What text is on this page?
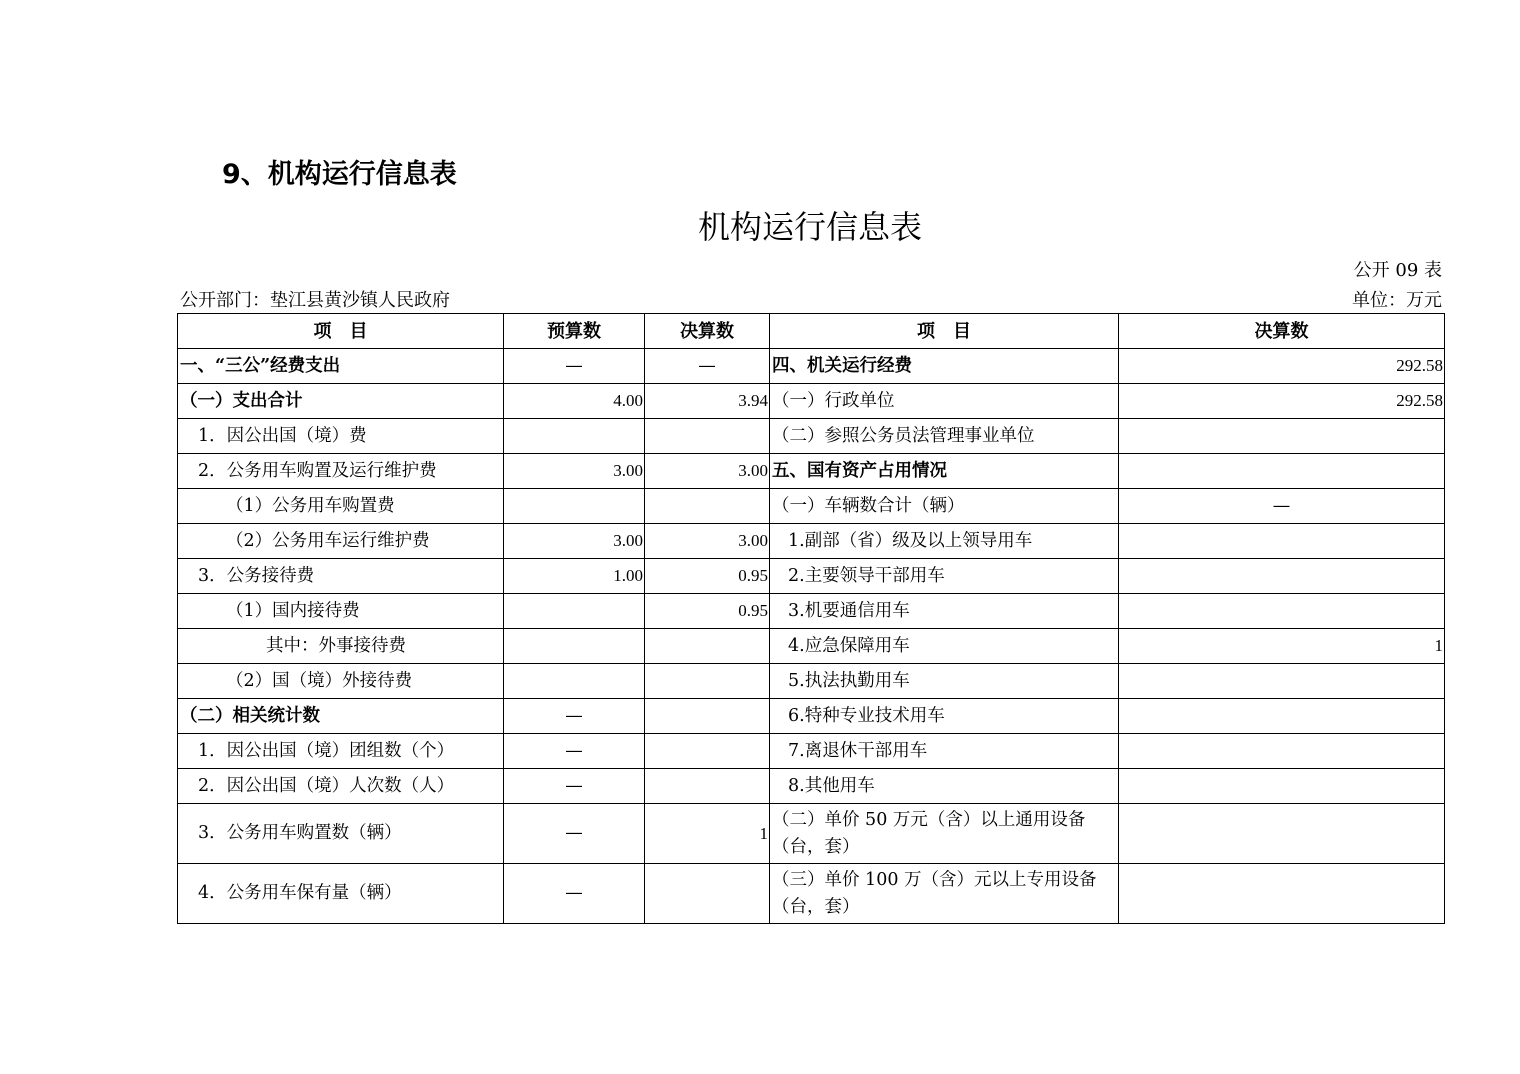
9、机构运行信息表
机构运行信息表
公开 09 表
公开部门：垫江县黄沙镇人民政府	单位：万元
项　目	预算数	决算数	项　目	决算数
一、“三公”经费支出	—	—	四、机关运行经费	292.58
（一）支出合计	4.00	3.94	（一）行政单位	292.58
1．因公出国（境）费			（二）参照公务员法管理事业单位	
2．公务用车购置及运行维护费	3.00	3.00	五、国有资产占用情况	
（1）公务用车购置费			（一）车辆数合计（辆）	—
（2）公务用车运行维护费	3.00	3.00	1.副部（省）级及以上领导用车	
3．公务接待费	1.00	0.95	2.主要领导干部用车	
（1）国内接待费		0.95	3.机要通信用车	
其中：外事接待费			4.应急保障用车	1
（2）国（境）外接待费			5.执法执勤用车	
（二）相关统计数	—		6.特种专业技术用车	
1．因公出国（境）团组数（个）	—		7.离退休干部用车	
2．因公出国（境）人次数（人）	—		8.其他用车	
3．公务用车购置数（辆）	—	1	（二）单价 50 万元（含）以上通用设备（台，套）	
4．公务用车保有量（辆）	—		（三）单价 100 万（含）元以上专用设备（台，套）	
